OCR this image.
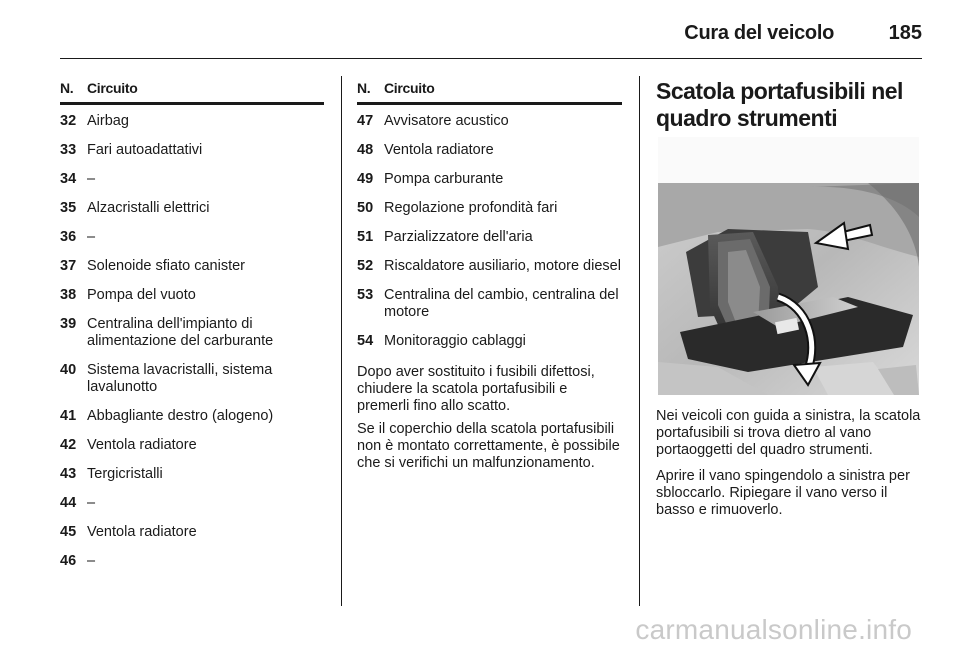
Cura del veicolo	185
N. Circuito
32 Airbag
33 Fari autoadattativi
34 –
35 Alzacristalli elettrici
36 –
37 Solenoide sfiato canister
38 Pompa del vuoto
39 Centralina dell'impianto di alimentazione del carburante
40 Sistema lavacristalli, sistema lavalunotto
41 Abbagliante destro (alogeno)
42 Ventola radiatore
43 Tergicristalli
44 –
45 Ventola radiatore
46 –
N. Circuito
47 Avvisatore acustico
48 Ventola radiatore
49 Pompa carburante
50 Regolazione profondità fari
51 Parzializzatore dell'aria
52 Riscaldatore ausiliario, motore diesel
53 Centralina del cambio, centralina del motore
54 Monitoraggio cablaggi

Dopo aver sostituito i fusibili difettosi, chiudere la scatola portafusibili e premerli fino allo scatto.

Se il coperchio della scatola portafusibili non è montato correttamente, è possibile che si verifichi un malfunzionamento.

Scatola portafusibili nel quadro strumenti

Nei veicoli con guida a sinistra, la scatola portafusibili si trova dietro al vano portaoggetti del quadro strumenti.

Aprire il vano spingendolo a sinistra per sbloccarlo. Ripiegare il vano verso il basso e rimuoverlo.

carmanualsonline.info
